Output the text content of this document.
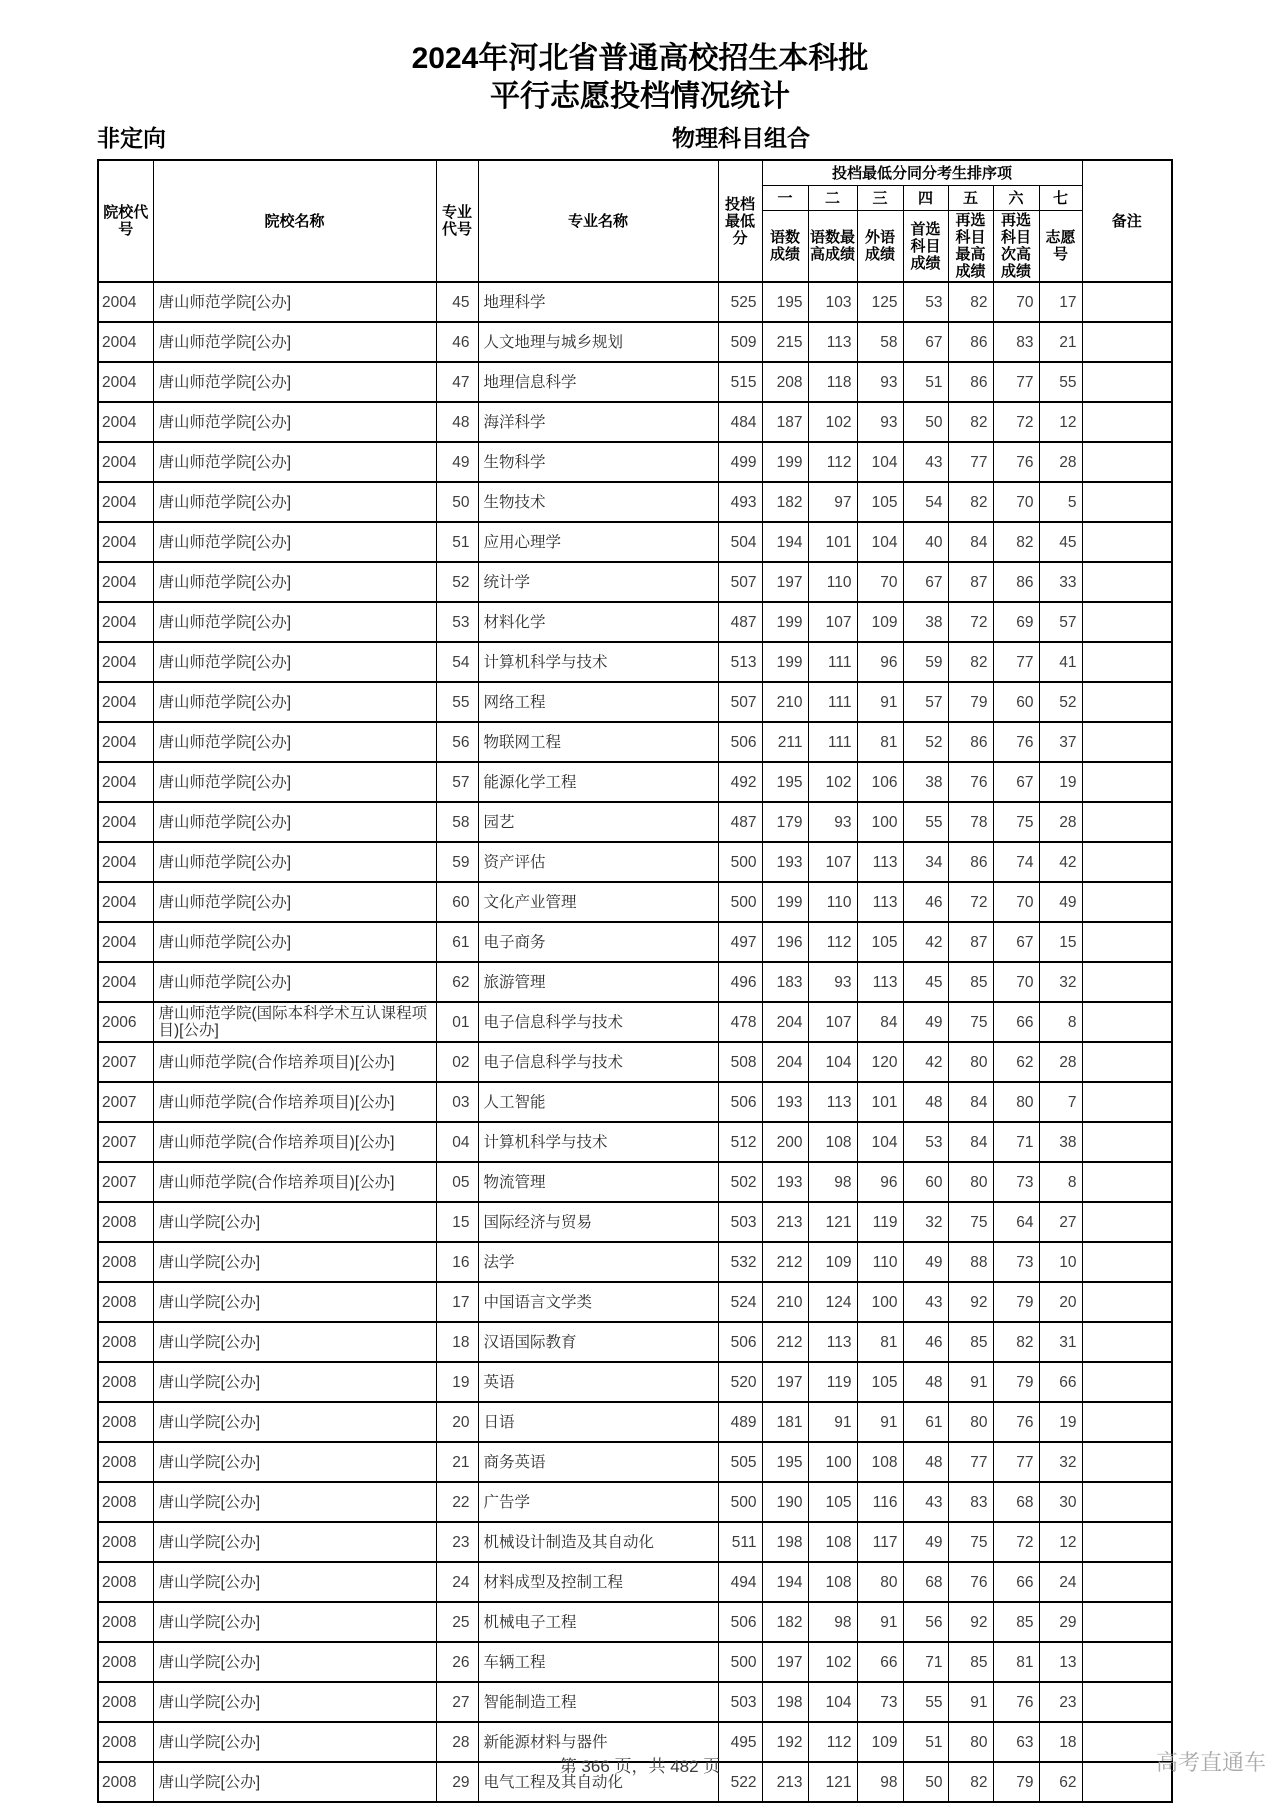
2024年河北省普通高校招生本科批
平行志愿投档情况统计
非定向	物理科目组合
院校代号	院校名称	专业代号	专业名称	投档最低分	投档最低分同分考生排序项							备注
					一	二	三	四	五	六	七	
					语数成绩	语数最高成绩	外语成绩	首选科目成绩	再选科目最高成绩	再选科目次高成绩	志愿号	
2004	唐山师范学院[公办]	45	地理科学	525	195	103	125	53	82	70	17	
2004	唐山师范学院[公办]	46	人文地理与城乡规划	509	215	113	58	67	86	83	21	
2004	唐山师范学院[公办]	47	地理信息科学	515	208	118	93	51	86	77	55	
2004	唐山师范学院[公办]	48	海洋科学	484	187	102	93	50	82	72	12	
2004	唐山师范学院[公办]	49	生物科学	499	199	112	104	43	77	76	28	
2004	唐山师范学院[公办]	50	生物技术	493	182	97	105	54	82	70	5	
2004	唐山师范学院[公办]	51	应用心理学	504	194	101	104	40	84	82	45	
2004	唐山师范学院[公办]	52	统计学	507	197	110	70	67	87	86	33	
2004	唐山师范学院[公办]	53	材料化学	487	199	107	109	38	72	69	57	
2004	唐山师范学院[公办]	54	计算机科学与技术	513	199	111	96	59	82	77	41	
2004	唐山师范学院[公办]	55	网络工程	507	210	111	91	57	79	60	52	
2004	唐山师范学院[公办]	56	物联网工程	506	211	111	81	52	86	76	37	
2004	唐山师范学院[公办]	57	能源化学工程	492	195	102	106	38	76	67	19	
2004	唐山师范学院[公办]	58	园艺	487	179	93	100	55	78	75	28	
2004	唐山师范学院[公办]	59	资产评估	500	193	107	113	34	86	74	42	
2004	唐山师范学院[公办]	60	文化产业管理	500	199	110	113	46	72	70	49	
2004	唐山师范学院[公办]	61	电子商务	497	196	112	105	42	87	67	15	
2004	唐山师范学院[公办]	62	旅游管理	496	183	93	113	45	85	70	32	
2006	唐山师范学院(国际本科学术互认课程项目)[公办]	01	电子信息科学与技术	478	204	107	84	49	75	66	8	
2007	唐山师范学院(合作培养项目)[公办]	02	电子信息科学与技术	508	204	104	120	42	80	62	28	
2007	唐山师范学院(合作培养项目)[公办]	03	人工智能	506	193	113	101	48	84	80	7	
2007	唐山师范学院(合作培养项目)[公办]	04	计算机科学与技术	512	200	108	104	53	84	71	38	
2007	唐山师范学院(合作培养项目)[公办]	05	物流管理	502	193	98	96	60	80	73	8	
2008	唐山学院[公办]	15	国际经济与贸易	503	213	121	119	32	75	64	27	
2008	唐山学院[公办]	16	法学	532	212	109	110	49	88	73	10	
2008	唐山学院[公办]	17	中国语言文学类	524	210	124	100	43	92	79	20	
2008	唐山学院[公办]	18	汉语国际教育	506	212	113	81	46	85	82	31	
2008	唐山学院[公办]	19	英语	520	197	119	105	48	91	79	66	
2008	唐山学院[公办]	20	日语	489	181	91	91	61	80	76	19	
2008	唐山学院[公办]	21	商务英语	505	195	100	108	48	77	77	32	
2008	唐山学院[公办]	22	广告学	500	190	105	116	43	83	68	30	
2008	唐山学院[公办]	23	机械设计制造及其自动化	511	198	108	117	49	75	72	12	
2008	唐山学院[公办]	24	材料成型及控制工程	494	194	108	80	68	76	66	24	
2008	唐山学院[公办]	25	机械电子工程	506	182	98	91	56	92	85	29	
2008	唐山学院[公办]	26	车辆工程	500	197	102	66	71	85	81	13	
2008	唐山学院[公办]	27	智能制造工程	503	198	104	73	55	91	76	23	
2008	唐山学院[公办]	28	新能源材料与器件	495	192	112	109	51	80	63	18	
2008	唐山学院[公办]	29	电气工程及其自动化	522	213	121	98	50	82	79	62	
第 366 页，共 482 页	高考直通车
